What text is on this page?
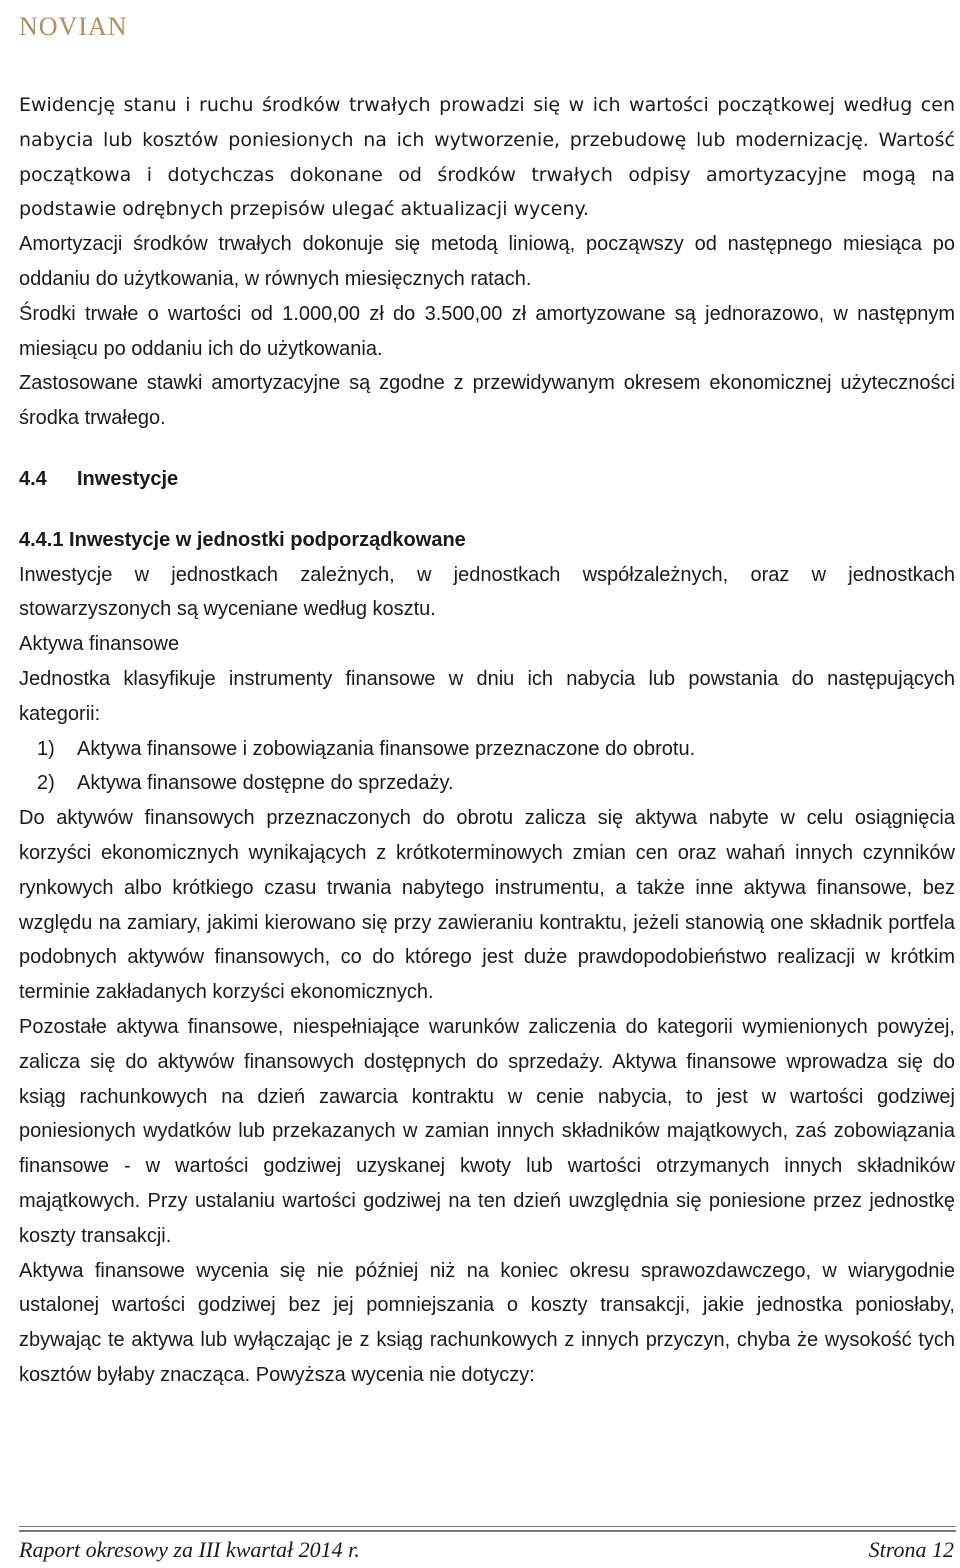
NOVIAN

Ewidencję stanu i ruchu środków trwałych prowadzi się w ich wartości początkowej według cen nabycia lub kosztów poniesionych na ich wytworzenie, przebudowę lub modernizację. Wartość początkowa i dotychczas dokonane od środków trwałych odpisy amortyzacyjne mogą na podstawie odrębnych przepisów ulegać aktualizacji wyceny.

Amortyzacji środków trwałych dokonuje się metodą liniową, począwszy od następnego miesiąca po oddaniu do użytkowania, w równych miesięcznych ratach.

Środki trwałe o wartości od 1.000,00 zł do 3.500,00 zł amortyzowane są jednorazowo, w następnym miesiącu po oddaniu ich do użytkowania.

Zastosowane stawki amortyzacyjne są zgodne z przewidywanym okresem ekonomicznej użyteczności środka trwałego.

4.4 Inwestycje
4.4.1 Inwestycje w jednostki podporządkowane

Inwestycje w jednostkach zależnych, w jednostkach współzależnych, oraz w jednostkach stowarzyszonych są wyceniane według kosztu.

Aktywa finansowe

Jednostka klasyfikuje instrumenty finansowe w dniu ich nabycia lub powstania do następujących kategorii:

1) Aktywa finansowe i zobowiązania finansowe przeznaczone do obrotu.
2) Aktywa finansowe dostępne do sprzedaży.

Do aktywów finansowych przeznaczonych do obrotu zalicza się aktywa nabyte w celu osiągnięcia korzyści ekonomicznych wynikających z krótkoterminowych zmian cen oraz wahań innych czynników rynkowych albo krótkiego czasu trwania nabytego instrumentu, a także inne aktywa finansowe, bez względu na zamiary, jakimi kierowano się przy zawieraniu kontraktu, jeżeli stanowią one składnik portfela podobnych aktywów finansowych, co do którego jest duże prawdopodobieństwo realizacji w krótkim terminie zakładanych korzyści ekonomicznych.

Pozostałe aktywa finansowe, niespełniające warunków zaliczenia do kategorii wymienionych powyżej, zalicza się do aktywów finansowych dostępnych do sprzedaży. Aktywa finansowe wprowadza się do ksiąg rachunkowych na dzień zawarcia kontraktu w cenie nabycia, to jest w wartości godziwej poniesionych wydatków lub przekazanych w zamian innych składników majątkowych, zaś zobowiązania finansowe - w wartości godziwej uzyskanej kwoty lub wartości otrzymanych innych składników majątkowych. Przy ustalaniu wartości godziwej na ten dzień uwzględnia się poniesione przez jednostkę koszty transakcji.

Aktywa finansowe wycenia się nie później niż na koniec okresu sprawozdawczego, w wiarygodnie ustalonej wartości godziwej bez jej pomniejszania o koszty transakcji, jakie jednostka poniosłaby, zbywając te aktywa lub wyłączając je z ksiąg rachunkowych z innych przyczyn, chyba że wysokość tych kosztów byłaby znacząca. Powyższa wycenia nie dotyczy:

Raport okresowy za III kwartał 2014 r.	Strona 12
